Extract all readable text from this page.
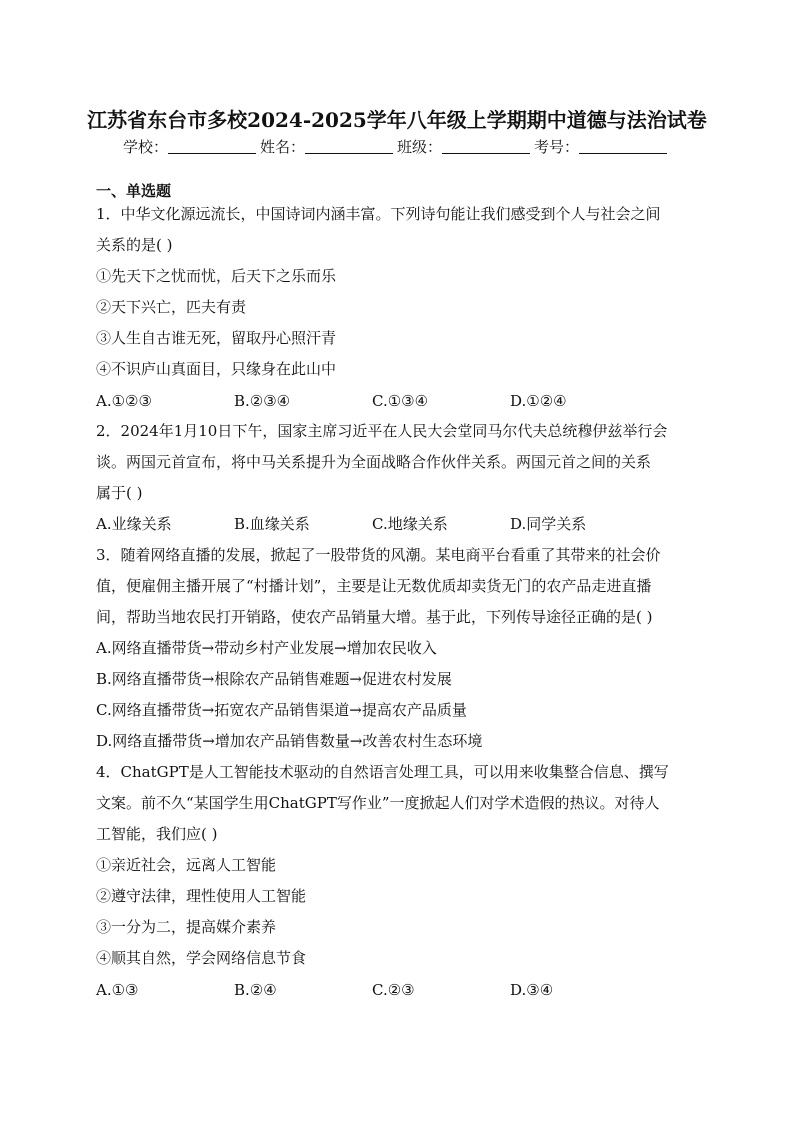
江苏省东台市多校2024-2025学年八年级上学期期中道德与法治试卷
学校：	姓名：	班级：	考号：
一、单选题
1．中华文化源远流长，中国诗词内涵丰富。下列诗句能让我们感受到个人与社会之间
关系的是( )
①先天下之忧而忧，后天下之乐而乐
②天下兴亡，匹夫有责
③人生自古谁无死，留取丹心照汗青
④不识庐山真面目，只缘身在此山中
A.①②③	B.②③④	C.①③④	D.①②④
2．2024年1月10日下午，国家主席习近平在人民大会堂同马尔代夫总统穆伊兹举行会
谈。两国元首宣布，将中马关系提升为全面战略合作伙伴关系。两国元首之间的关系
属于( )
A.业缘关系	B.血缘关系	C.地缘关系	D.同学关系
3．随着网络直播的发展，掀起了一股带货的风潮。某电商平台看重了其带来的社会价
值，便雇佣主播开展了“村播计划”，主要是让无数优质却卖货无门的农产品走进直播
间，帮助当地农民打开销路，使农产品销量大增。基于此，下列传导途径正确的是( )
A.网络直播带货→带动乡村产业发展→增加农民收入
B.网络直播带货→根除农产品销售难题→促进农村发展
C.网络直播带货→拓宽农产品销售渠道→提高农产品质量
D.网络直播带货→增加农产品销售数量→改善农村生态环境
4．ChatGPT是人工智能技术驱动的自然语言处理工具，可以用来收集整合信息、撰写
文案。前不久“某国学生用ChatGPT写作业”一度掀起人们对学术造假的热议。对待人
工智能，我们应( )
①亲近社会，远离人工智能
②遵守法律，理性使用人工智能
③一分为二，提高媒介素养
④顺其自然，学会网络信息节食
A.①③	B.②④	C.②③	D.③④
